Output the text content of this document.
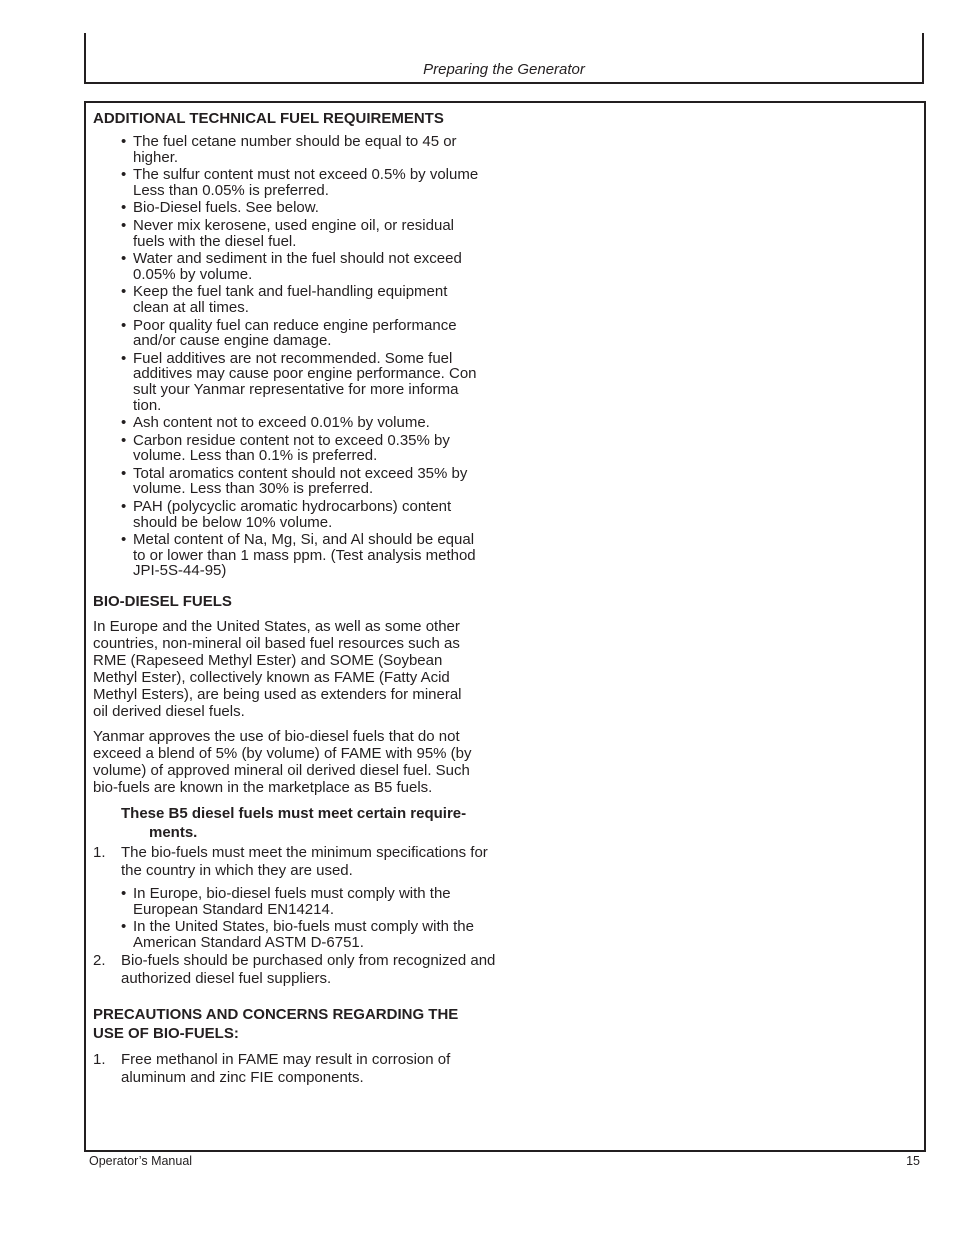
Preparing the Generator

ADDITIONAL TECHNICAL FUEL REQUIREMENTS

• The fuel cetane number should be equal to 45 or
higher.
• The sulfur content must not exceed 0.5% by volume
Less than 0.05% is preferred.
• Bio-Diesel fuels. See below.
• Never mix kerosene, used engine oil, or residual
fuels with the diesel fuel.
• Water and sediment in the fuel should not exceed
0.05% by volume.
• Keep the fuel tank and fuel-handling equipment
clean at all times.
• Poor quality fuel can reduce engine performance
and/or cause engine damage.
• Fuel additives are not recommended. Some fuel
additives may cause poor engine performance. Con
sult your Yanmar representative for more informa
tion.
• Ash content not to exceed 0.01% by volume.
• Carbon residue content not to exceed 0.35% by
volume. Less than 0.1% is preferred.
• Total aromatics content should not exceed 35% by
volume. Less than 30% is preferred.
• PAH (polycyclic aromatic hydrocarbons) content
should be below 10% volume.
• Metal content of Na, Mg, Si, and Al should be equal
to or lower than 1 mass ppm. (Test analysis method
JPI-5S-44-95)

BIO-DIESEL FUELS

In Europe and the United States, as well as some other
countries, non-mineral oil based fuel resources such as
RME (Rapeseed Methyl Ester) and SOME (Soybean
Methyl Ester), collectively known as FAME (Fatty Acid
Methyl Esters), are being used as extenders for mineral
oil derived diesel fuels.

Yanmar approves the use of bio-diesel fuels that do not
exceed a blend of 5% (by volume) of FAME with 95% (by
volume) of approved mineral oil derived diesel fuel. Such
bio-fuels are known in the marketplace as B5 fuels.

These B5 diesel fuels must meet certain require-
ments.

1. The bio-fuels must meet the minimum specifications for
the country in which they are used.
• In Europe, bio-diesel fuels must comply with the
European Standard EN14214.
• In the United States, bio-fuels must comply with the
American Standard ASTM D-6751.
2. Bio-fuels should be purchased only from recognized and
authorized diesel fuel suppliers.

PRECAUTIONS AND CONCERNS REGARDING THE
USE OF BIO-FUELS:

1. Free methanol in FAME may result in corrosion of
aluminum and zinc FIE components.
Operator’s Manual	15
